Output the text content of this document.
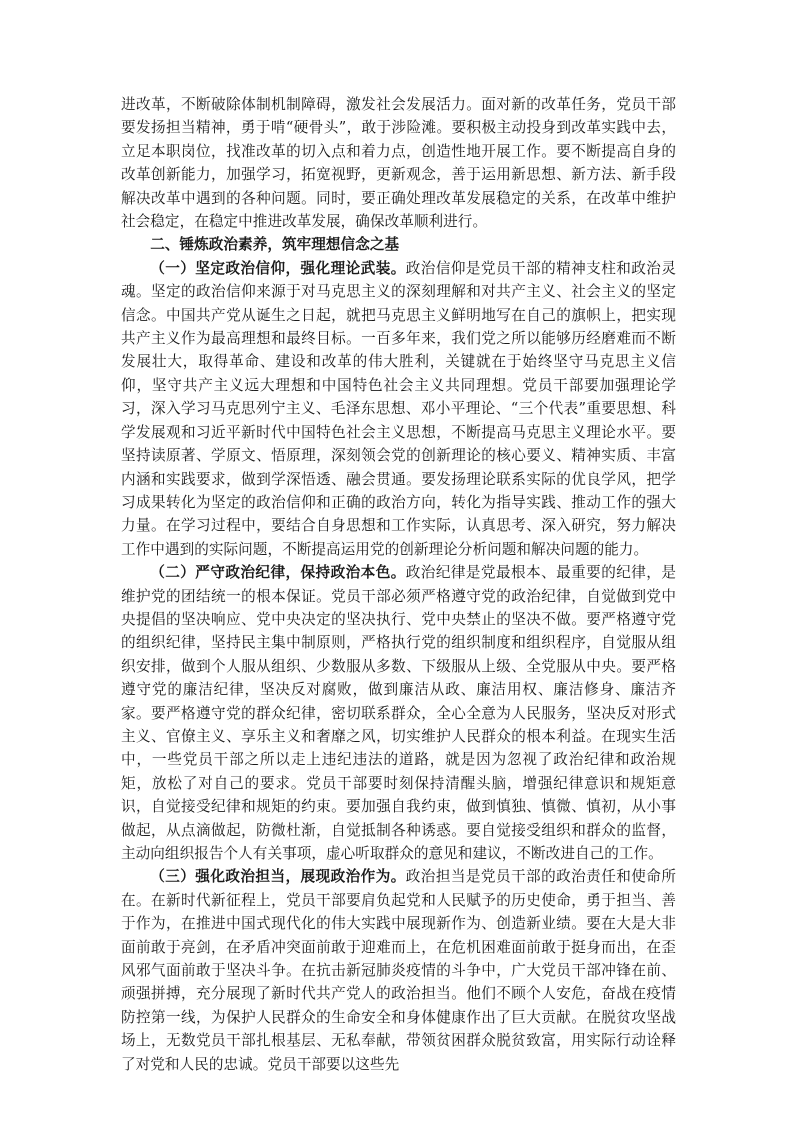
进改革，不断破除体制机制障碍，激发社会发展活力。面对新的改革任务，党员干部要发扬担当精神，勇于啃“硬骨头”，敢于涉险滩。要积极主动投身到改革实践中去，立足本职岗位，找准改革的切入点和着力点，创造性地开展工作。要不断提高自身的改革创新能力，加强学习，拓宽视野，更新观念，善于运用新思想、新方法、新手段解决改革中遇到的各种问题。同时，要正确处理改革发展稳定的关系，在改革中维护社会稳定，在稳定中推进改革发展，确保改革顺利进行。

二、锤炼政治素养，筑牢理想信念之基

（一）坚定政治信仰，强化理论武装。政治信仰是党员干部的精神支柱和政治灵魂。坚定的政治信仰来源于对马克思主义的深刻理解和对共产主义、社会主义的坚定信念。中国共产党从诞生之日起，就把马克思主义鲜明地写在自己的旗帜上，把实现共产主义作为最高理想和最终目标。一百多年来，我们党之所以能够历经磨难而不断发展壮大，取得革命、建设和改革的伟大胜利，关键就在于始终坚守马克思主义信仰，坚守共产主义远大理想和中国特色社会主义共同理想。党员干部要加强理论学习，深入学习马克思列宁主义、毛泽东思想、邓小平理论、“三个代表”重要思想、科学发展观和习近平新时代中国特色社会主义思想，不断提高马克思主义理论水平。要坚持读原著、学原文、悟原理，深刻领会党的创新理论的核心要义、精神实质、丰富内涵和实践要求，做到学深悟透、融会贯通。要发扬理论联系实际的优良学风，把学习成果转化为坚定的政治信仰和正确的政治方向，转化为指导实践、推动工作的强大力量。在学习过程中，要结合自身思想和工作实际，认真思考、深入研究，努力解决工作中遇到的实际问题，不断提高运用党的创新理论分析问题和解决问题的能力。

（二）严守政治纪律，保持政治本色。政治纪律是党最根本、最重要的纪律，是维护党的团结统一的根本保证。党员干部必须严格遵守党的政治纪律，自觉做到党中央提倡的坚决响应、党中央决定的坚决执行、党中央禁止的坚决不做。要严格遵守党的组织纪律，坚持民主集中制原则，严格执行党的组织制度和组织程序，自觉服从组织安排，做到个人服从组织、少数服从多数、下级服从上级、全党服从中央。要严格遵守党的廉洁纪律，坚决反对腐败，做到廉洁从政、廉洁用权、廉洁修身、廉洁齐家。要严格遵守党的群众纪律，密切联系群众，全心全意为人民服务，坚决反对形式主义、官僚主义、享乐主义和奢靡之风，切实维护人民群众的根本利益。在现实生活中，一些党员干部之所以走上违纪违法的道路，就是因为忽视了政治纪律和政治规矩，放松了对自己的要求。党员干部要时刻保持清醒头脑，增强纪律意识和规矩意识，自觉接受纪律和规矩的约束。要加强自我约束，做到慎独、慎微、慎初，从小事做起，从点滴做起，防微杜渐，自觉抵制各种诱惑。要自觉接受组织和群众的监督，主动向组织报告个人有关事项，虚心听取群众的意见和建议，不断改进自己的工作。

（三）强化政治担当，展现政治作为。政治担当是党员干部的政治责任和使命所在。在新时代新征程上，党员干部要肩负起党和人民赋予的历史使命，勇于担当、善于作为，在推进中国式现代化的伟大实践中展现新作为、创造新业绩。要在大是大非面前敢于亮剑，在矛盾冲突面前敢于迎难而上，在危机困难面前敢于挺身而出，在歪风邪气面前敢于坚决斗争。在抗击新冠肺炎疫情的斗争中，广大党员干部冲锋在前、顽强拼搏，充分展现了新时代共产党人的政治担当。他们不顾个人安危，奋战在疫情防控第一线，为保护人民群众的生命安全和身体健康作出了巨大贡献。在脱贫攻坚战场上，无数党员干部扎根基层、无私奉献，带领贫困群众脱贫致富，用实际行动诠释了对党和人民的忠诚。党员干部要以这些先
